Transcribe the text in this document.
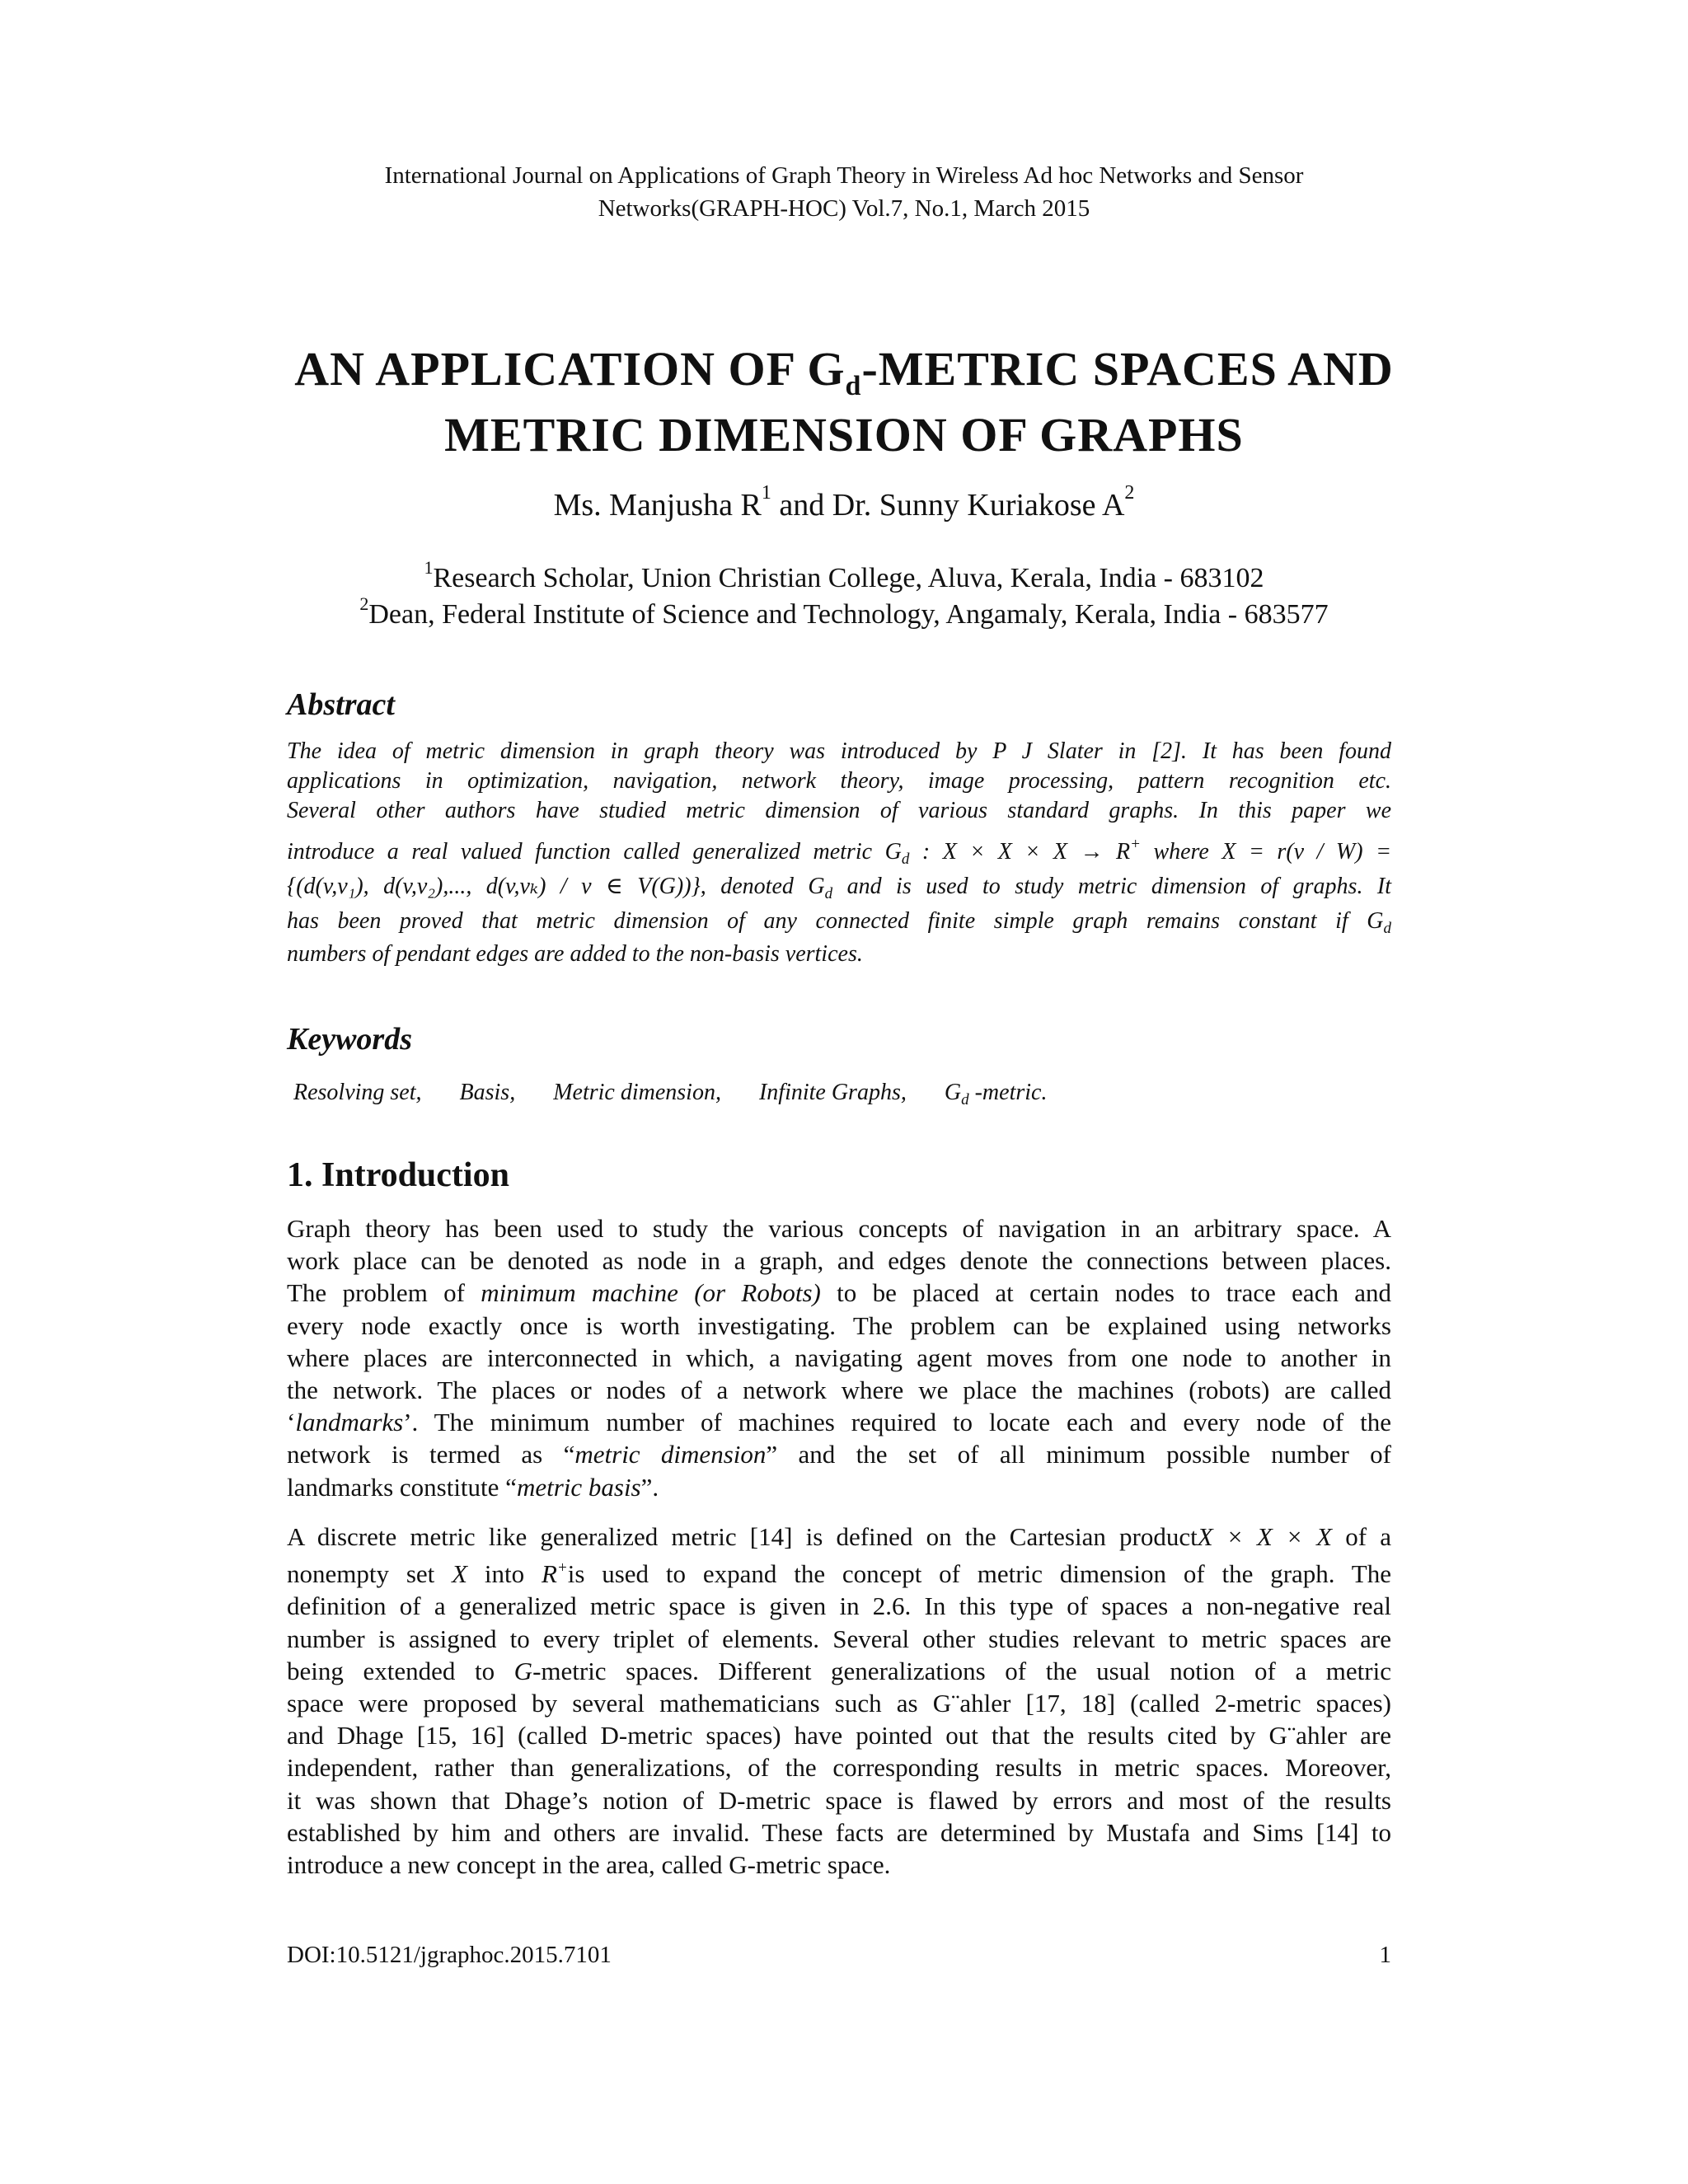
International Journal on Applications of Graph Theory in Wireless Ad hoc Networks and Sensor
Networks(GRAPH-HOC) Vol.7, No.1, March 2015
AN APPLICATION OF $G_d$-METRIC SPACES AND
METRIC DIMENSION OF GRAPHS
Ms. Manjusha R$^1$ and Dr. Sunny Kuriakose A$^2$
$^1$Research Scholar, Union Christian College, Aluva, Kerala, India - 683102
$^2$Dean, Federal Institute of Science and Technology, Angamaly, Kerala, India - 683577
Abstract
The idea of metric dimension in graph theory was introduced by P J Slater in [2]. It has been found
applications in optimization, navigation, network theory, image processing, pattern recognition etc.
Several other authors have studied metric dimension of various standard graphs. In this paper we
introduce a real valued function called generalized metric $G_d$ : X × X × X → R+ where X = r(v / W) =
{(d(v,v₁), d(v,v₂),..., d(v,vₖ) / v ∈ V(G))}, denoted $G_d$ and is used to study metric dimension of graphs. It
has been proved that metric dimension of any connected finite simple graph remains constant if $G_d$
numbers of pendant edges are added to the non-basis vertices.
Keywords
Resolving set, Basis, Metric dimension, Infinite Graphs, $G_d$ -metric.
1. Introduction
Graph theory has been used to study the various concepts of navigation in an arbitrary space. A
work place can be denoted as node in a graph, and edges denote the connections between places.
The problem of minimum machine (or Robots) to be placed at certain nodes to trace each and
every node exactly once is worth investigating. The problem can be explained using networks
where places are interconnected in which, a navigating agent moves from one node to another in
the network. The places or nodes of a network where we place the machines (robots) are called
‘landmarks’. The minimum number of machines required to locate each and every node of the
network is termed as “metric dimension” and the set of all minimum possible number of
landmarks constitute “metric basis”.
A discrete metric like generalized metric [14] is defined on the Cartesian productX × X × X of a
nonempty set X into R+is used to expand the concept of metric dimension of the graph. The
definition of a generalized metric space is given in 2.6. In this type of spaces a non-negative real
number is assigned to every triplet of elements. Several other studies relevant to metric spaces are
being extended to G-metric spaces. Different generalizations of the usual notion of a metric
space were proposed by several mathematicians such as G¨ahler [17, 18] (called 2-metric spaces)
and Dhage [15, 16] (called D-metric spaces) have pointed out that the results cited by G¨ahler are
independent, rather than generalizations, of the corresponding results in metric spaces. Moreover,
it was shown that Dhage’s notion of D-metric space is flawed by errors and most of the results
established by him and others are invalid. These facts are determined by Mustafa and Sims [14] to
introduce a new concept in the area, called G-metric space.
DOI:10.5121/jgraphoc.2015.7101	1
